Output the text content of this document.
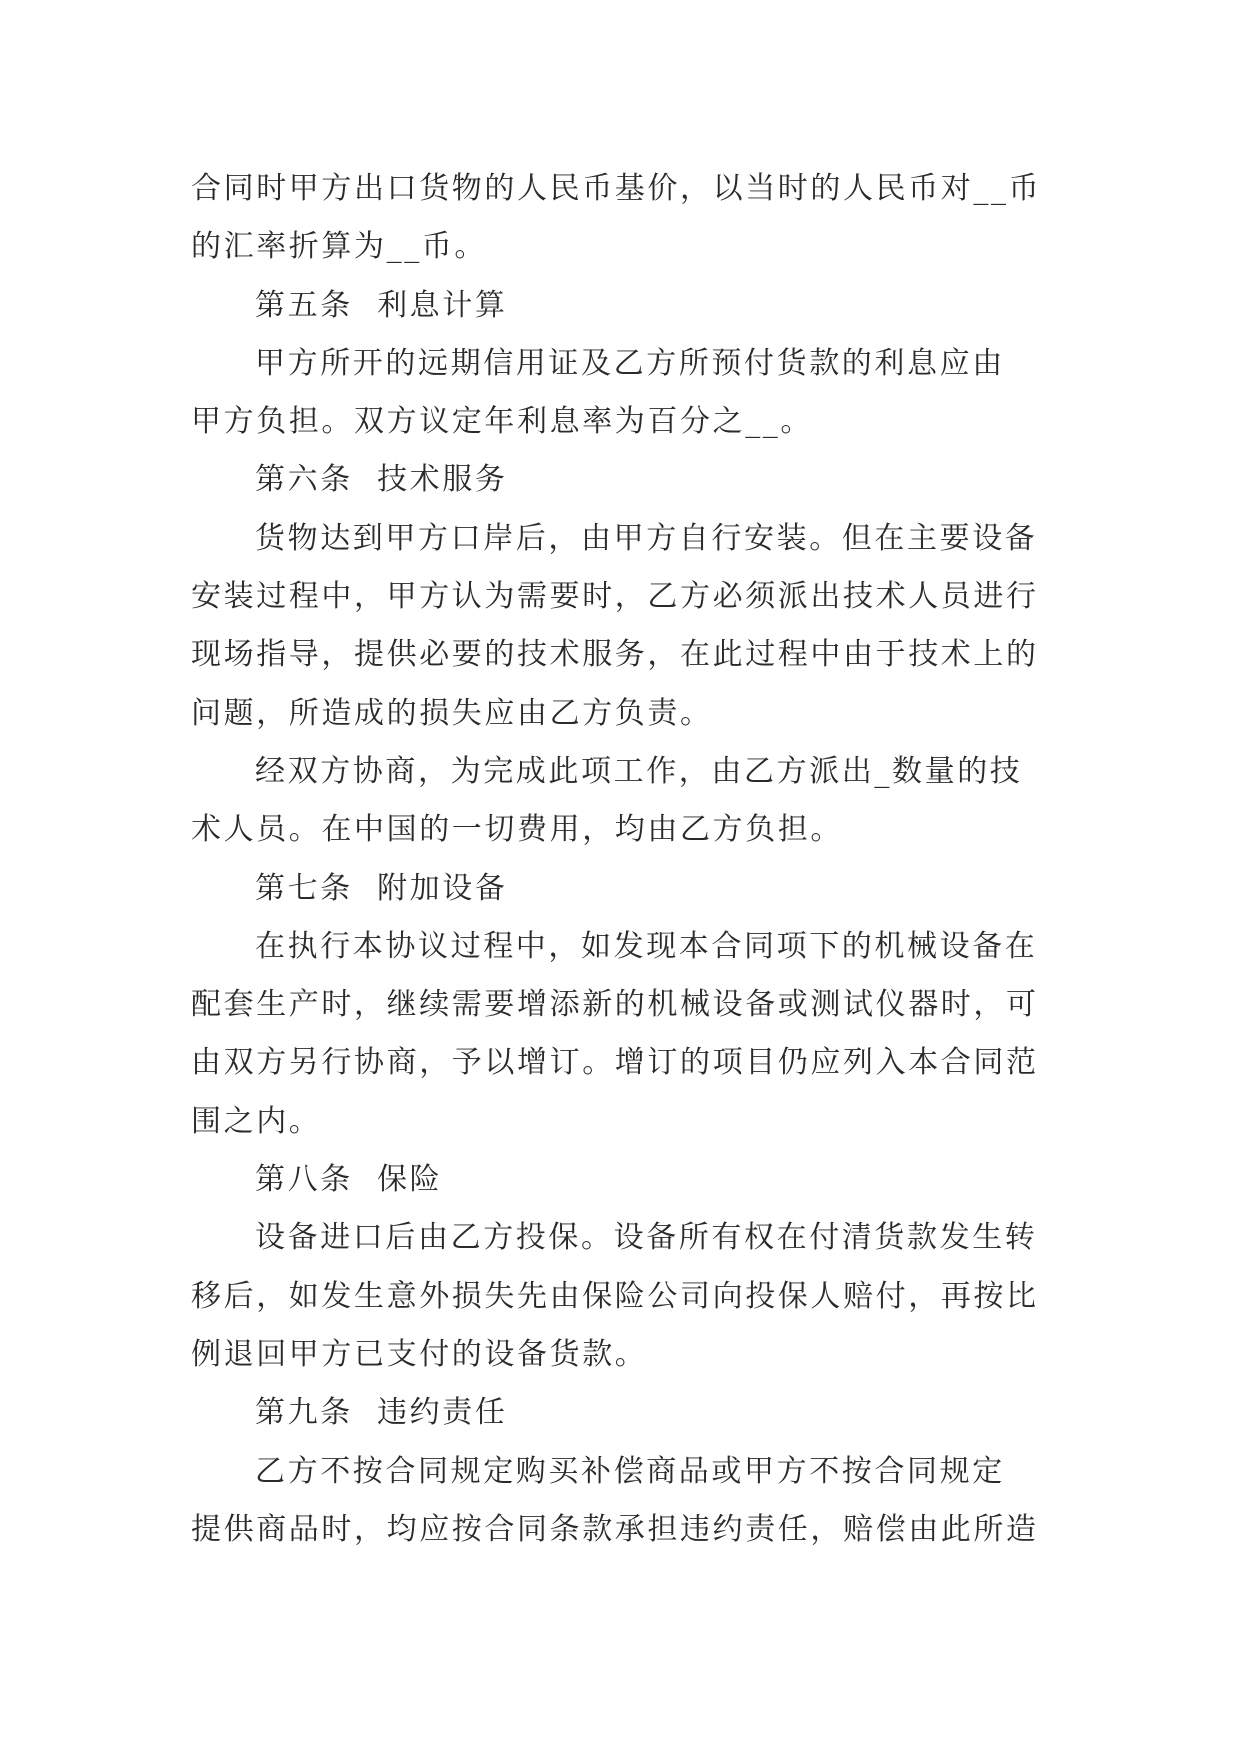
合同时甲方出口货物的人民币基价，以当时的人民币对__币

的汇率折算为__币。

第五条  利息计算

甲方所开的远期信用证及乙方所预付货款的利息应由

甲方负担。双方议定年利息率为百分之__。

第六条  技术服务

货物达到甲方口岸后，由甲方自行安装。但在主要设备

安装过程中，甲方认为需要时，乙方必须派出技术人员进行

现场指导，提供必要的技术服务，在此过程中由于技术上的

问题，所造成的损失应由乙方负责。

经双方协商，为完成此项工作，由乙方派出_数量的技

术人员。在中国的一切费用，均由乙方负担。

第七条  附加设备

在执行本协议过程中，如发现本合同项下的机械设备在

配套生产时，继续需要增添新的机械设备或测试仪器时，可

由双方另行协商，予以增订。增订的项目仍应列入本合同范

围之内。

第八条  保险

设备进口后由乙方投保。设备所有权在付清货款发生转

移后，如发生意外损失先由保险公司向投保人赔付，再按比

例退回甲方已支付的设备货款。

第九条  违约责任

乙方不按合同规定购买补偿商品或甲方不按合同规定

提供商品时，均应按合同条款承担违约责任，赔偿由此所造
